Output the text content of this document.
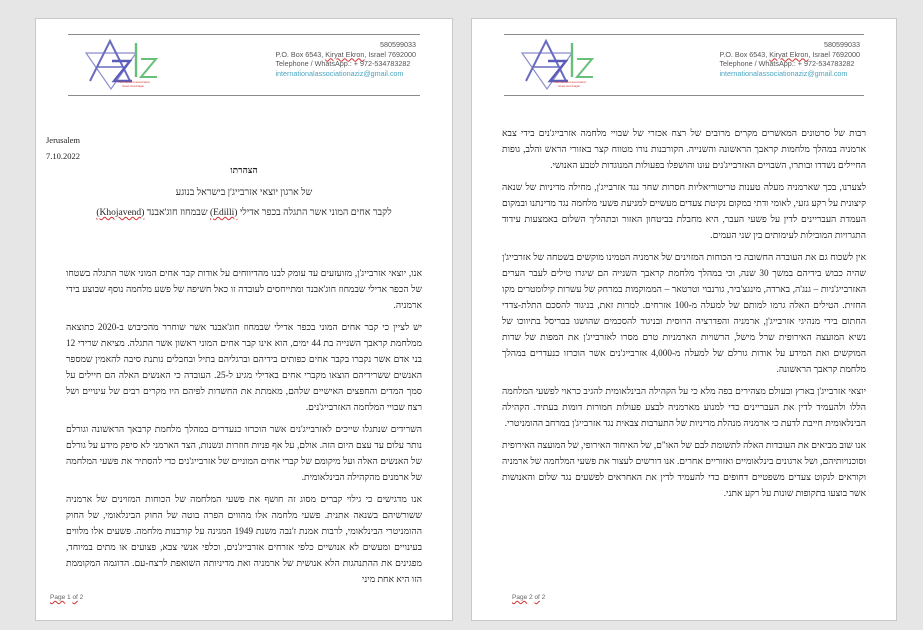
International association
Israel Azerbaijan
580599033
P.O. Box 6543, Kiryat Ekron, Israel 7692000
Telephone / WhatsApp.: + 972-534783282
internationalassociationaziz@gmail.com
Jerusalem
7.10.2022
הצהרתו
של ארגון יוצאי אזרבייג'ן בישראל בנוגע
לקבר אחים המוני אשר התגלה בכפר אדילי (Edilli) שבמחוז חוג'אבנד (Khojavend)

אנו, יוצאי אזרבייג'ן, מזועזעים עד עומק לבנו מהדיווחים על אודות קבר אחים המוני אשר התגלה בשטחו של הכפר אדילי שבמחוז חוג'אבנד ומתייחסים לעובדה זו כאל חשיפה של פשע מלחמה נוסף שבוצע בידי ארמניה.

יש לציין כי קבר אחים המוני בכפר אדילי שבמחוז חוג'אבנד אשר שוחרר מהכיבוש ב-2020 כתוצאה ממלחמת קראבך השנייה בת 44 ימים, הוא אינו קבר אחים המוני ראשון אשר התגלה. מציאת שרידי 12 בני אדם אשר נקברו בקבר אחים כפותים בידיהם וברגליהם בתיל ובחבלים נותנת סיבה להאמין שמספר האנשים ששרידיהם הוצאו מקברי אחים באדילי מגיע ל-25. העובדה כי האנשים האלה הם חיילים על סמך המדים והחפצים האישיים שלהם, מאמתת את החשדות לפיהם היו מקרים רבים של עינויים ושל רצח שבויי המלחמה האזרבייג'נים.

השרידים שנתגלו שייכים לאזרבייג'נים אשר הוכרזו כנעדרים במהלך מלחמת קרבאך הראשונה וגורלם נותר עלום עד עצם היום הזה. אולם, על אף פניות חוזרות ונשנות, הצד הארמני לא סיפק מידע על גורלם של האנשים האלה ועל מיקומם של קברי אחים המוניים של אזרבייג'נים כדי להסתיר את פשעי המלחמה של ארמנים מהקהילה הבינלאומית.

אנו מדגישים כי גילוי קברים מסוג זה חושף את פשעי המלחמה של הכוחות המזוינים של ארמניה ששורשיהם בשנאה אתנית. פשעי מלחמה אלו מהווים הפרה בוטה של החוק הבינלאומי, של החוק ההומניטרי הבינלאומי, לרבות אמנת ז'נבה משנת 1949 המגינה על קורבנות מלחמה. פשעים אלו מלווים בעינויים ומעשים לא אנושיים כלפי אזרחים אזרבייג'נים, וכלפי אנשי צבא, פצועים או מתים במיוחד, מפגינים את ההתנהגות הלא אנושית של ארמניה ואת מדיניותה השואפת לרצח-עם. הדוגמה המקוממת הזו היא אחת מיני

Page 1 of 2
International association
Israel Azerbaijan
580599033
P.O. Box 6543, Kiryat Ekron, Israel 7692000
Telephone / WhatsApp.: + 972-534783282
internationalassociationaziz@gmail.com

רבות של סרטונים המאשרים מקרים מרובים של רצח אכזרי של שבויי מלחמה אזרבייג'נים בידי צבא ארמניה במהלך מלחמות קראבך הראשונה והשנייה. הקורבנות נורו מטווח קצר באזורי הראש והלב, גופות החיילים נשדדו ובותרו, השבויים האזרבייג'נים עונו והושפלו בפעולות המנוגדות לטבע האנושי.

לצערנו, בכך שארמניה מעלה טענות טריטוריאליות חסרות שחר נגד אזרבייג'ן, מחילה מדיניות של שנאה קיצונית על רקע גזעי, לאומי ודתי במקום נקיטת צעדים מעשיים למניעת פשעי מלחמה נגד מדינתנו ובמקום העמדת העבריינים לדין על פשעי העבר, היא מחבלת בביטחון האזור ובתהליך השלום באמצעות עידוד התגרויות המובילות לעימותים בין שני העמים.

אין לשכוח גם את העובדה החשובה כי הכוחות המזוינים של ארמניה הטמינו מוקשים בשטחה של אזרבייג'ן שהיה כבוש בידיהם במשך 30 שנה, וכי במהלך מלחמת קראבך השנייה הם שיגרו טילים לעבר הערים האזרבייג'ניות – גנג'ה, בארדה, מינגצ'ביר, גורנבוי וטרטאר – הממוקמות במרחק של עשרות קילומטרים מקו החזית. הטילים האלה גרמו למותם של למעלה מ-100 אזרחים. למרות זאת, בניגוד להסכם התלת-צדדי החתום בידי מנהיגי אזרבייג'ן, ארמניה והפדרציה הרוסית ובניגוד להסכמים שהושגו בבריסל בתיווכו של נשיא המועצה האירופית שרל מישל, הרשויות הארמניות טרם מסרו לאזרבייג'ן את המפות של שדות המוקשים ואת המידע על אודות גורלם של למעלה מ-4,000 אזרבייג'נים אשר הוכרזו כנעדרים במהלך מלחמת קראבך הראשונה.

יוצאי אזרבייג'ן בארץ ובעולם מצהירים בפה מלא כי על הקהילה הבינלאומית להגיב כראוי לפשעי המלחמה הללו ולהעמיד לדין את העבריינים כדי למנוע מארמניה לבצע פעולות חמורות דומות בעתיד. הקהילה הבינלאומית חייבת לדעת כי ארמניה מנהלת מדיניות של התערבות צבאית נגד אזרבייג'ן במרחב ההומניטרי.

אנו שוב מביאים את העובדות האלה לתשומת לבם של האו"ם, של האיחוד האירופי, של המועצה האירופית וסוכנויותיהם, ושל ארגונים בינלאומיים ואזוריים אחרים. אנו דורשים לעצור את פשעי המלחמה של ארמניה וקוראים לנקוט צעדים משפטיים דחופים כדי להעמיד לדין את האחראים לפשעים נגד שלום והאנושות אשר בוצעו בתקופות שונות על רקע אתני.

Page 2 of 2
